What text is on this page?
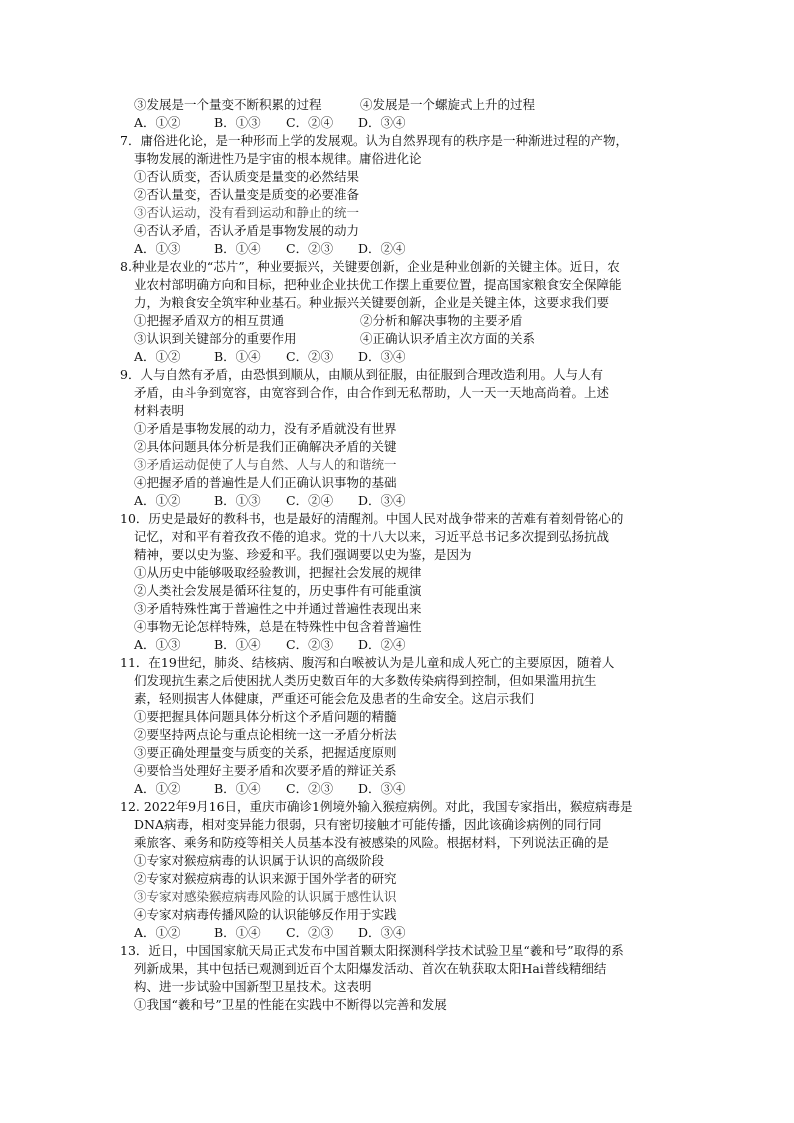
③发展是一个量变不断积累的过程	④发展是一个螺旋式上升的过程
A．①②	B．①③	C．②④	D．③④
7．庸俗进化论，是一种形而上学的发展观。认为自然界现有的秩序是一种渐进过程的产物，
事物发展的渐进性乃是宇宙的根本规律。庸俗进化论
①否认质变，否认质变是量变的必然结果
②否认量变，否认量变是质变的必要准备
③否认运动，没有看到运动和静止的统一
④否认矛盾，否认矛盾是事物发展的动力
A．①③	B．①④	C．②③	D．②④
8.种业是农业的“芯片”，种业要振兴，关键要创新，企业是种业创新的关键主体。近日，农
业农村部明确方向和目标，把种业企业扶优工作摆上重要位置，提高国家粮食安全保障能
力，为粮食安全筑牢种业基石。种业振兴关键要创新，企业是关键主体，这要求我们要
①把握矛盾双方的相互贯通	②分析和解决事物的主要矛盾
③认识到关键部分的重要作用	④正确认识矛盾主次方面的关系
A．①②	B．①④	C．②③	D．③④
9．人与自然有矛盾，由恐惧到顺从，由顺从到征服，由征服到合理改造利用。人与人有
矛盾，由斗争到宽容，由宽容到合作，由合作到无私帮助，人一天一天地高尚着。上述
材料表明
①矛盾是事物发展的动力，没有矛盾就没有世界
②具体问题具体分析是我们正确解决矛盾的关键
③矛盾运动促使了人与自然、人与人的和谐统一
④把握矛盾的普遍性是人们正确认识事物的基础
A．①②	B．①③	C．②④	D．③④
10．历史是最好的教科书，也是最好的清醒剂。中国人民对战争带来的苦难有着刻骨铭心的
记忆，对和平有着孜孜不倦的追求。党的十八大以来，习近平总书记多次提到弘扬抗战
精神，要以史为鉴、珍爱和平。我们强调要以史为鉴，是因为
①从历史中能够吸取经验教训，把握社会发展的规律
②人类社会发展是循环往复的，历史事件有可能重演
③矛盾特殊性寓于普遍性之中并通过普遍性表现出来
④事物无论怎样特殊，总是在特殊性中包含着普遍性
A．①③	B．①④	C．②③	D．②④
11．在19世纪，肺炎、结核病、腹泻和白喉被认为是儿童和成人死亡的主要原因，随着人
们发现抗生素之后使困扰人类历史数百年的大多数传染病得到控制，但如果滥用抗生
素，轻则损害人体健康，严重还可能会危及患者的生命安全。这启示我们
①要把握具体问题具体分析这个矛盾问题的精髓
②要坚持两点论与重点论相统一这一矛盾分析法
③要正确处理量变与质变的关系，把握适度原则
④要恰当处理好主要矛盾和次要矛盾的辩证关系
A．①②	B．①④	C．②③	D．③④
12. 2022年9月16日，重庆市确诊1例境外输入猴痘病例。对此，我国专家指出，猴痘病毒是
DNA病毒，相对变异能力很弱，只有密切接触才可能传播，因此该确诊病例的同行同
乘旅客、乘务和防疫等相关人员基本没有被感染的风险。根据材料，下列说法正确的是
①专家对猴痘病毒的认识属于认识的高级阶段
②专家对猴痘病毒的认识来源于国外学者的研究
③专家对感染猴痘病毒风险的认识属于感性认识
④专家对病毒传播风险的认识能够反作用于实践
A．①②	B．①④	C．②③	D．③④
13．近日，中国国家航天局正式发布中国首颗太阳探测科学技术试验卫星“羲和号”取得的系
列新成果，其中包括已观测到近百个太阳爆发活动、首次在轨获取太阳Hai普线精细结
构、进一步试验中国新型卫星技术。这表明
①我国“羲和号”卫星的性能在实践中不断得以完善和发展
